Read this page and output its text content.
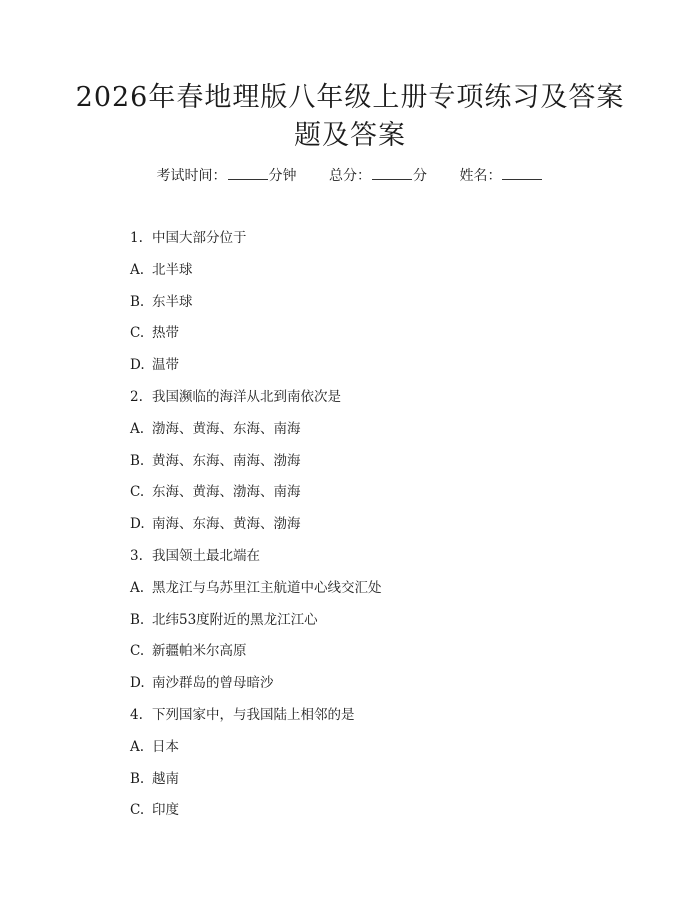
2026年春地理版八年级上册专项练习及答案
题及答案
考试时间：	分钟 总分：	分 姓名：
1. 中国大部分位于
A. 北半球
B. 东半球
C. 热带
D. 温带
2. 我国濒临的海洋从北到南依次是
A. 渤海、黄海、东海、南海
B. 黄海、东海、南海、渤海
C. 东海、黄海、渤海、南海
D. 南海、东海、黄海、渤海
3. 我国领土最北端在
A. 黑龙江与乌苏里江主航道中心线交汇处
B. 北纬53度附近的黑龙江江心
C. 新疆帕米尔高原
D. 南沙群岛的曾母暗沙
4. 下列国家中，与我国陆上相邻的是
A. 日本
B. 越南
C. 印度
